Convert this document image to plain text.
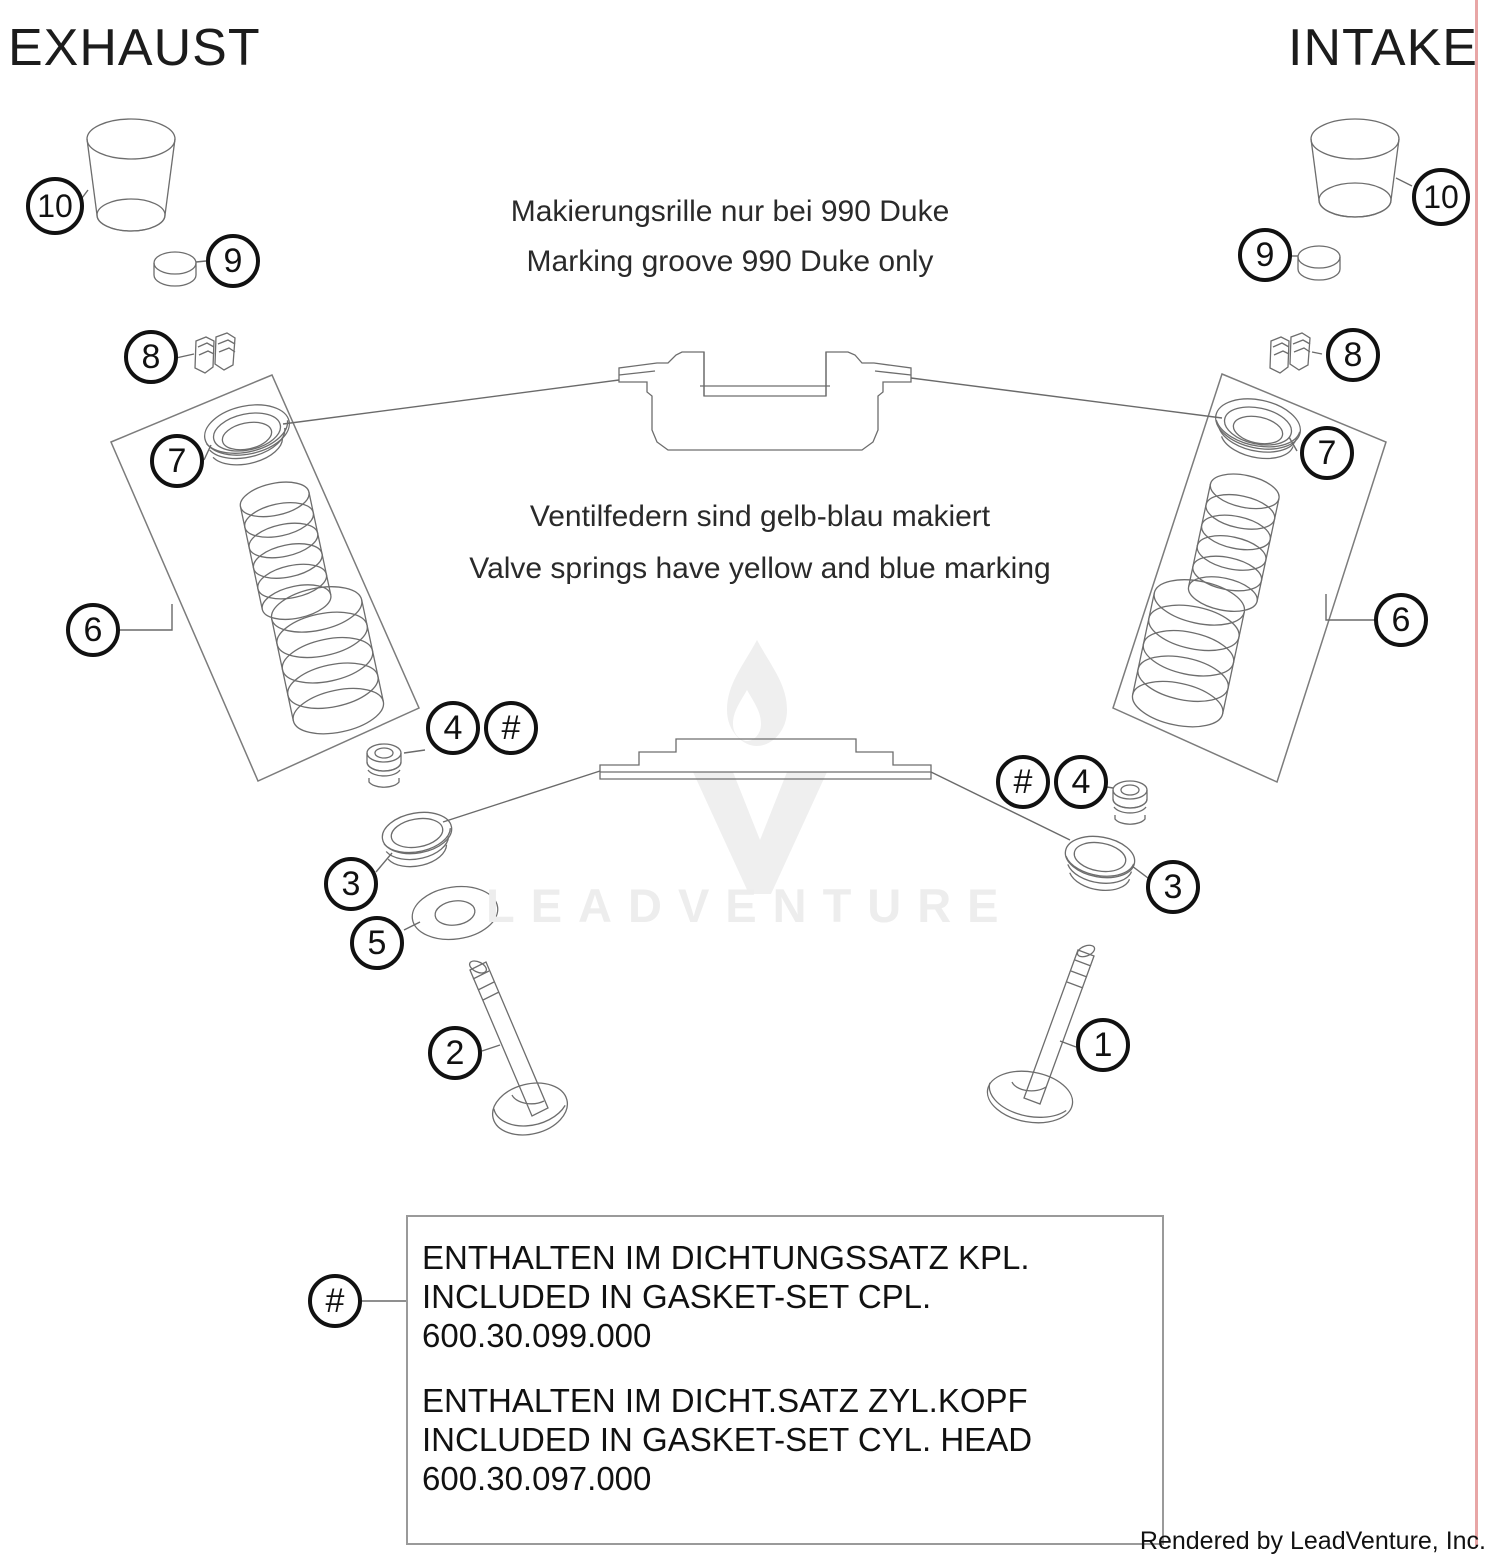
LEADVENTURE
EXHAUST	INTAKE
Makierungsrille nur bei 990 Duke
Marking groove 990 Duke only
Ventilfedern sind gelb-blau makiert
Valve springs have yellow and blue marking
10
9
8
7
6
4	#
3
5
2
10
9
8
7
6
#	4
3
1
#
ENTHALTEN IM DICHTUNGSSATZ KPL.
INCLUDED IN GASKET-SET CPL.
600.30.099.000
ENTHALTEN IM DICHT.SATZ ZYL.KOPF
INCLUDED IN GASKET-SET CYL. HEAD
600.30.097.000
Rendered by LeadVenture, Inc.
